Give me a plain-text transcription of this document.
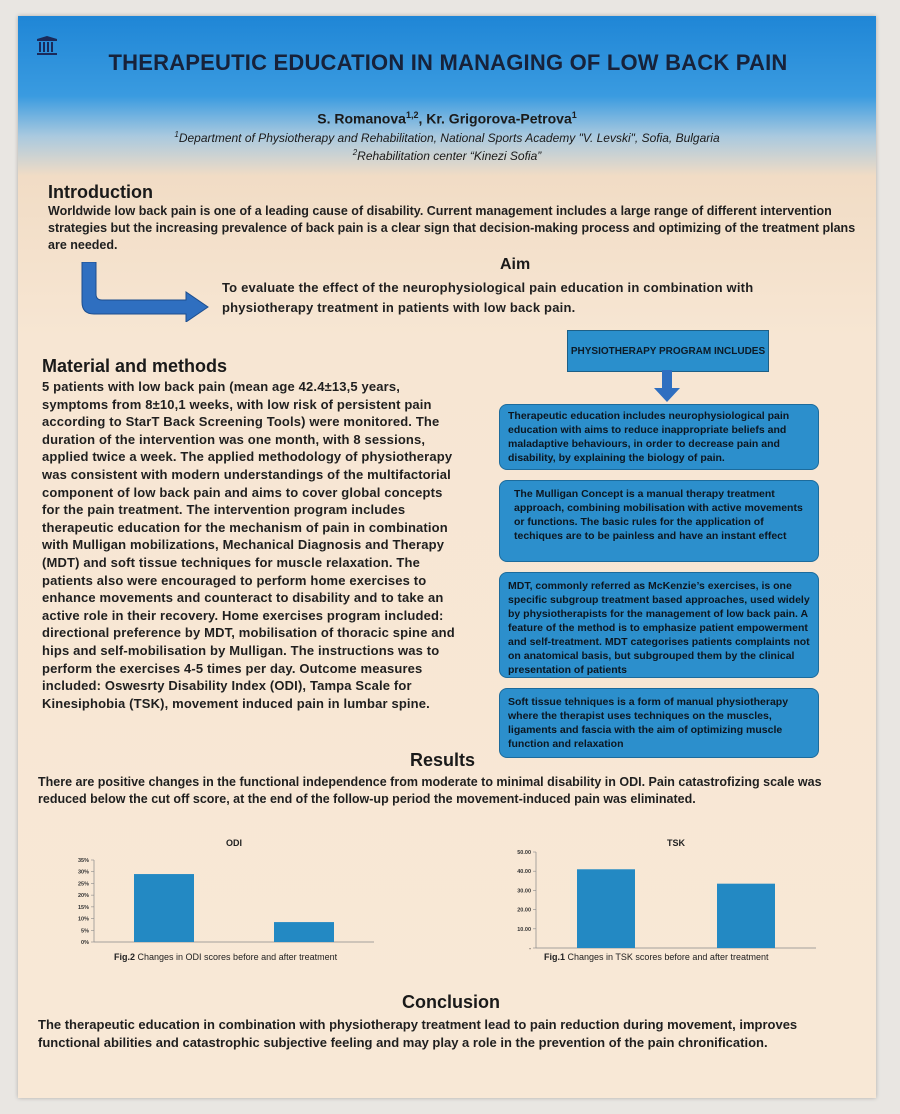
THERAPEUTIC EDUCATION IN MANAGING OF LOW BACK PAIN
S. Romanova$^{1,2}$, Kr. Grigorova-Petrova$^1$
$^1$Department of Physiotherapy and Rehabilitation, National Sports Academy "V. Levski", Sofia, Bulgaria
$^2$Rehabilitation center “Kinezi Sofia”
Introduction
Worldwide low back pain is one of a leading cause of disability. Current management includes a large range of different intervention strategies but the increasing prevalence of back pain is a clear sign that decision-making process and optimizing of the treatment plans are needed.
Aim
To evaluate the effect of the neurophysiological pain education in combination with physiotherapy treatment in patients with low back pain.
Material and methods
5 patients with low back pain (mean age 42.4±13,5 years, symptoms from 8±10,1 weeks, with low risk of persistent pain according to StarT Back Screening Tools) were monitored. The duration of the intervention was one month, with 8 sessions, applied twice a week. The applied methodology of physiotherapy was consistent with modern understandings of the multifactorial component of low back pain and aims to cover global concepts for the pain treatment. The intervention program includes therapeutic education for the mechanism of pain in combination with Mulligan mobilizations, Mechanical Diagnosis and Therapy (MDT) and soft tissue techniques for muscle relaxation. The patients also were encouraged to perform home exercises to enhance movements and counteract to disability and to take an active role in their recovery. Home exercises program included: directional preference by MDT, mobilisation of thoracic spine and hips and self-mobilisation by Mulligan. The instructions was to perform the exercises 4-5 times per day. Outcome measures included: Oswesrty Disability Index (ODI), Tampa Scale for Kinesiphobia (TSK), movement induced pain in lumbar spine.
PHYSIOTHERAPY PROGRAM INCLUDES
Therapeutic education includes neurophysiological pain education with aims to reduce inappropriate beliefs and maladaptive behaviours, in order to decrease pain and disability, by explaining the biology of pain.
The Mulligan Concept is a manual therapy treatment approach, combining mobilisation with active movements or functions. The basic rules for the application of techiques are to be painless and have an instant effect
MDT, commonly referred as McKenzie’s exercises, is one specific subgroup treatment based approaches, used widely by physiotherapists for the management of low back pain. A feature of the method is to emphasize patient empowerment and self-treatment. MDT categorises patients complaints not on anatomical basis, but subgrouped them by the clinical presentation of patients
Soft tissue tehniques is a form of manual physiotherapy where the therapist uses techniques on the muscles, ligaments and fascia with the aim of optimizing muscle function and relaxation
Results
There are positive changes in the functional independence from moderate to minimal disability in ODI. Pain catastrofizing scale was reduced below the cut off score, at the end of the follow-up period the movement-induced pain was eliminated.
ODI
0%
5%
10%
15%
20%
25%
30%
35%
Fig.2 Changes in ODI scores before and after treatment
TSK
-
10.00
20.00
30.00
40.00
50.00
Fig.1 Changes in TSK scores before and after treatment
Conclusion
The therapeutic education in combination with physiotherapy treatment lead to pain reduction during movement, improves functional abilities and catastrophic subjective feeling and may play a role in the prevention of the pain chronification.
